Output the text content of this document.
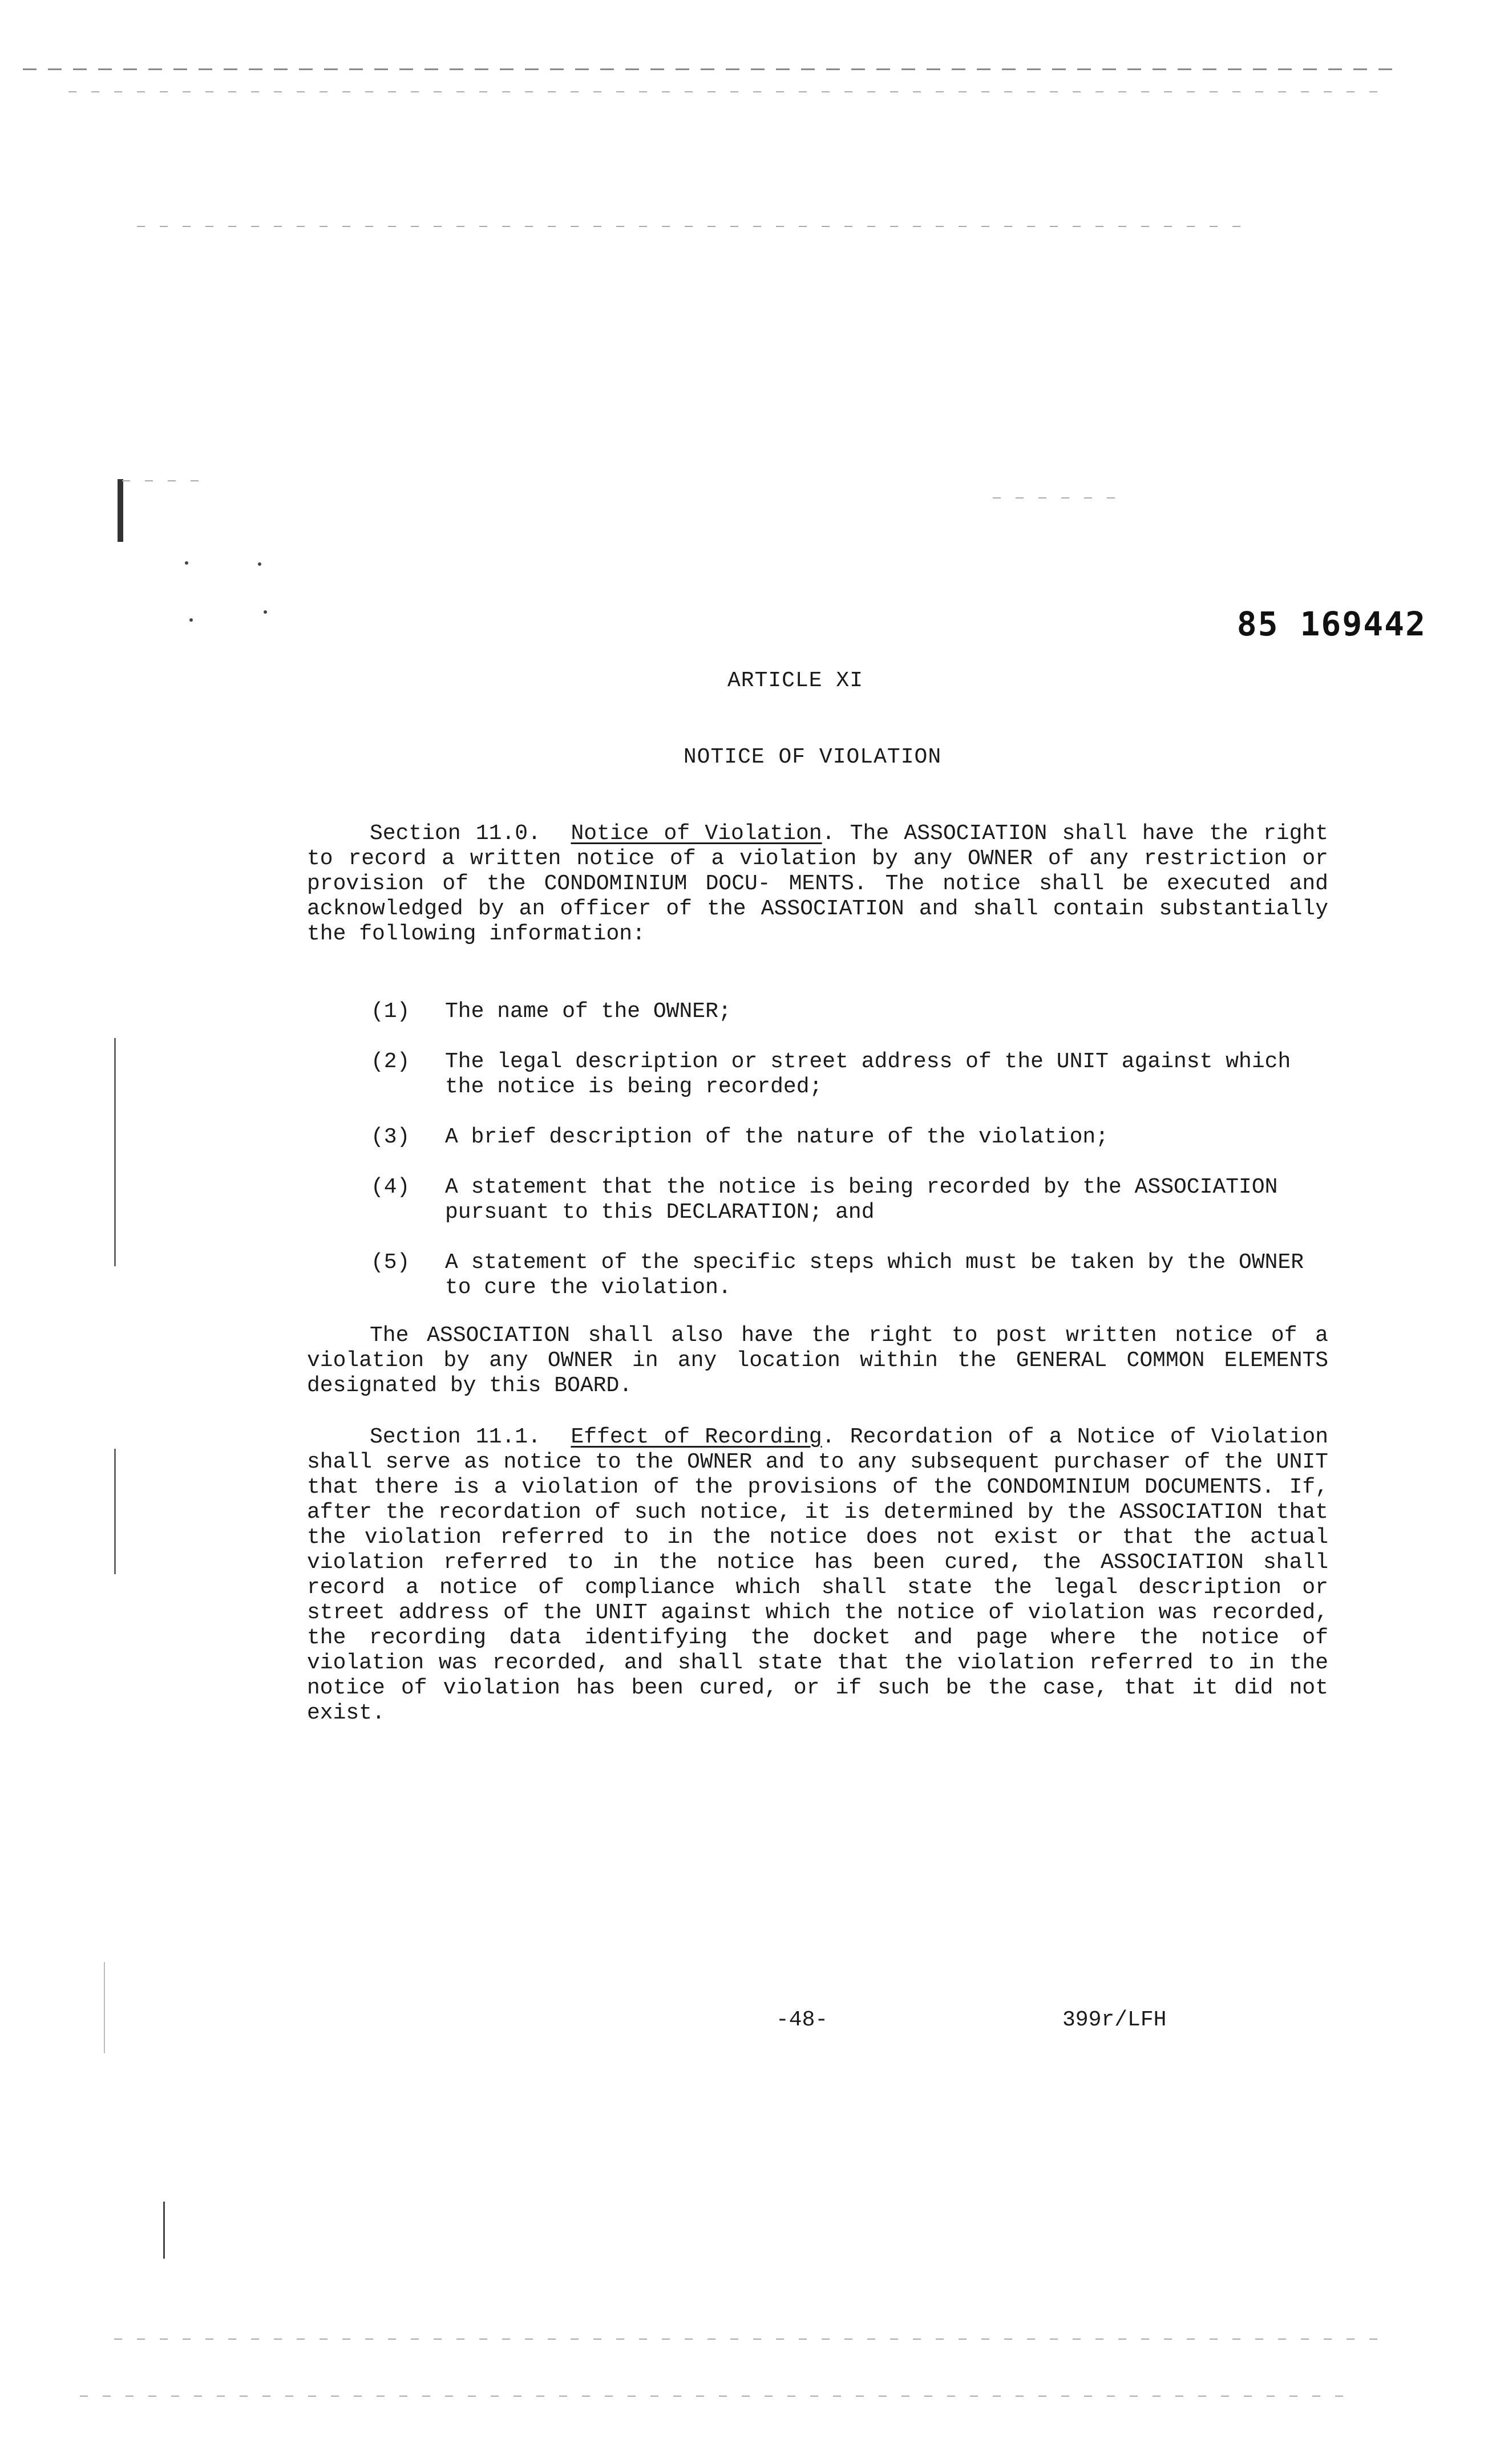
85 169442
ARTICLE XI
NOTICE OF VIOLATION

Section 11.0. Notice of Violation. The ASSOCIATION shall have the right to record a written notice of a violation by any OWNER of any restriction or provision of the CONDOMINIUM DOCU- MENTS. The notice shall be executed and acknowledged by an officer of the ASSOCIATION and shall contain substantially the following information:

(1)	The name of the OWNER;
(2)	The legal description or street address of the UNIT against which the notice is being recorded;
(3)	A brief description of the nature of the violation;
(4)	A statement that the notice is being recorded by the ASSOCIATION pursuant to this DECLARATION; and
(5)	A statement of the specific steps which must be taken by the OWNER to cure the violation.

The ASSOCIATION shall also have the right to post written notice of a violation by any OWNER in any location within the GENERAL COMMON ELEMENTS designated by this BOARD.

Section 11.1. Effect of Recording. Recordation of a Notice of Violation shall serve as notice to the OWNER and to any subsequent purchaser of the UNIT that there is a violation of the provisions of the CONDOMINIUM DOCUMENTS. If, after the recordation of such notice, it is determined by the ASSOCIATION that the violation referred to in the notice does not exist or that the actual violation referred to in the notice has been cured, the ASSOCIATION shall record a notice of compliance which shall state the legal description or street address of the UNIT against which the notice of violation was recorded, the recording data identifying the docket and page where the notice of violation was recorded, and shall state that the violation referred to in the notice of violation has been cured, or if such be the case, that it did not exist.

-48-	399r/LFH
